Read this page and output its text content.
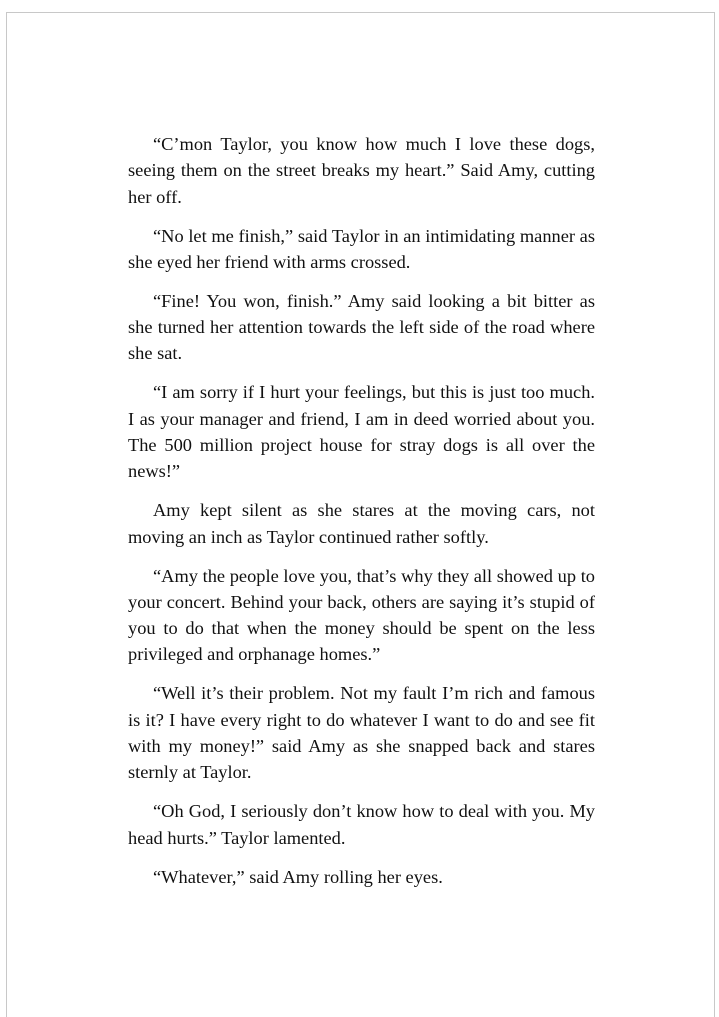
“C’mon Taylor, you know how much I love these dogs, seeing them on the street breaks my heart.” Said Amy, cutting her off.

“No let me finish,” said Taylor in an intimidating manner as she eyed her friend with arms crossed.

“Fine! You won, finish.” Amy said looking a bit bitter as she turned her attention towards the left side of the road where she sat.

“I am sorry if I hurt your feelings, but this is just too much. I as your manager and friend, I am in deed worried about you. The 500 million project house for stray dogs is all over the news!”

Amy kept silent as she stares at the moving cars, not moving an inch as Taylor continued rather softly.

“Amy the people love you, that’s why they all showed up to your concert. Behind your back, others are saying it’s stupid of you to do that when the money should be spent on the less privileged and orphanage homes.”

“Well it’s their problem. Not my fault I’m rich and famous is it? I have every right to do whatever I want to do and see fit with my money!” said Amy as she snapped back and stares sternly at Taylor.

“Oh God, I seriously don’t know how to deal with you. My head hurts.” Taylor lamented.

“Whatever,” said Amy rolling her eyes.
